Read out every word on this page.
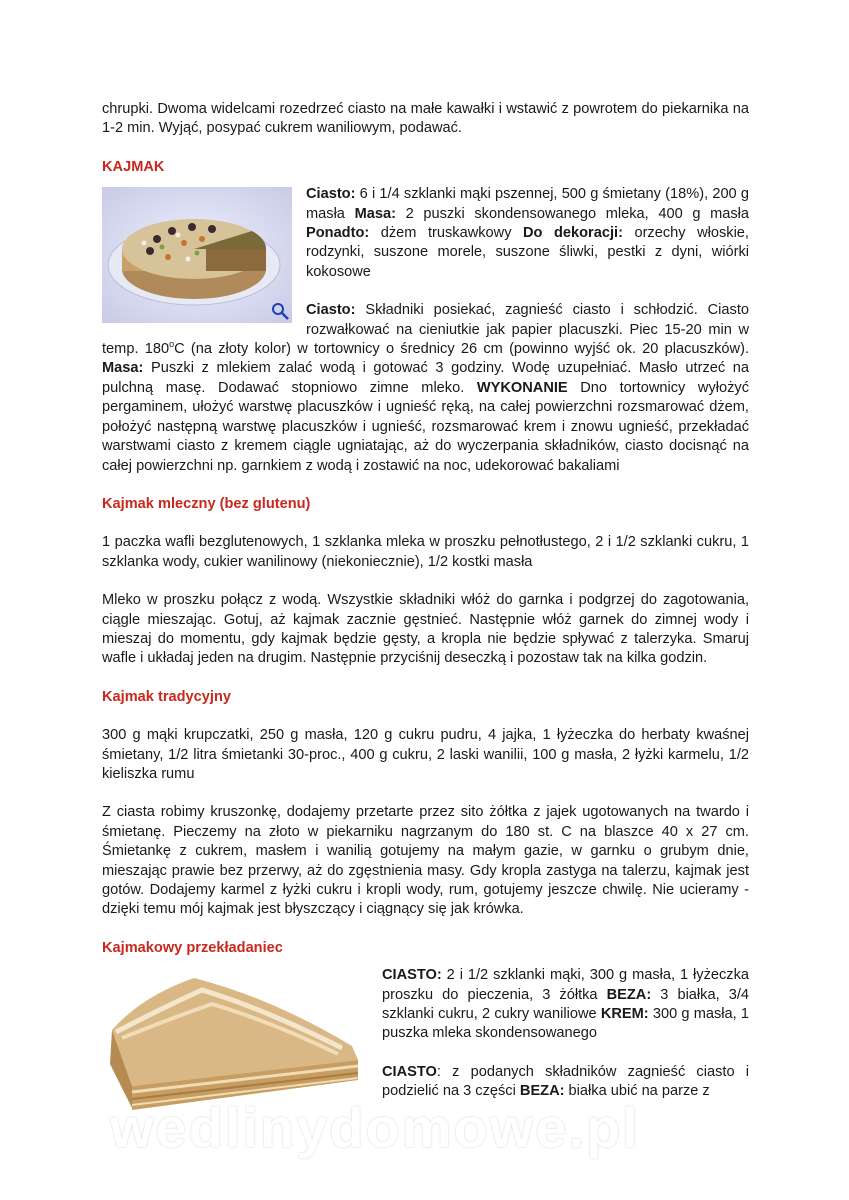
chrupki. Dwoma widelcami rozedrzeć ciasto na małe kawałki i wstawić z powrotem do piekarnika na 1-2 min. Wyjąć, posypać cukrem waniliowym, podawać.

KAJMAK

Ciasto: 6 i 1/4 szklanki mąki pszennej, 500 g śmietany (18%), 200 g masła Masa: 2 puszki skondensowanego mleka, 400 g masła Ponadto: dżem truskawkowy Do dekoracji: orzechy włoskie, rodzynki, suszone morele, suszone śliwki, pestki z dyni, wiórki kokosowe

Ciasto: Składniki posiekać, zagnieść ciasto i schłodzić. Ciasto rozwałkować na cieniutkie jak papier placuszki. Piec 15-20 min w temp. 180$^o$C (na złoty kolor) w tortownicy o średnicy 26 cm (powinno wyjść ok. 20 placuszków). Masa: Puszki z mlekiem zalać wodą i gotować 3 godziny. Wodę uzupełniać. Masło utrzeć na pulchną masę. Dodawać stopniowo zimne mleko. WYKONANIE Dno tortownicy wyłożyć pergaminem, ułożyć warstwę placuszków i ugnieść ręką, na całej powierzchni rozsmarować dżem, położyć następną warstwę placuszków i ugnieść, rozsmarować krem i znowu ugnieść, przekładać warstwami ciasto z kremem ciągle ugniatając, aż do wyczerpania składników, ciasto docisnąć na całej powierzchni np. garnkiem z wodą i zostawić na noc, udekorować bakaliami

Kajmak mleczny (bez glutenu)

1 paczka wafli bezglutenowych, 1 szklanka mleka w proszku pełnotłustego, 2 i 1/2 szklanki cukru, 1 szklanka wody, cukier wanilinowy (niekoniecznie), 1/2 kostki masła

Mleko w proszku połącz z wodą. Wszystkie składniki włóż do garnka i podgrzej do zagotowania, ciągle mieszając. Gotuj, aż kajmak zacznie gęstnieć. Następnie włóż garnek do zimnej wody i mieszaj do momentu, gdy kajmak będzie gęsty, a kropla nie będzie spływać z talerzyka. Smaruj wafle i układaj jeden na drugim. Następnie przyciśnij deseczką i pozostaw tak na kilka godzin.

Kajmak tradycyjny

300 g mąki krupczatki, 250 g masła, 120 g cukru pudru, 4 jajka, 1 łyżeczka do herbaty kwaśnej śmietany, 1/2 litra śmietanki 30-proc., 400 g cukru, 2 laski wanilii, 100 g masła, 2 łyżki karmelu, 1/2 kieliszka rumu

Z ciasta robimy kruszonkę, dodajemy przetarte przez sito żółtka z jajek ugotowanych na twardo i śmietanę. Pieczemy na złoto w piekarniku nagrzanym do 180 st. C na blaszce 40 x 27 cm. Śmietankę z cukrem, masłem i wanilią gotujemy na małym gazie, w garnku o grubym dnie, mieszając prawie bez przerwy, aż do zgęstnienia masy. Gdy kropla zastyga na talerzu, kajmak jest gotów. Dodajemy karmel z łyżki cukru i kropli wody, rum, gotujemy jeszcze chwilę. Nie ucieramy - dzięki temu mój kajmak jest błyszczący i ciągnący się jak krówka.

Kajmakowy przekładaniec

CIASTO: 2 i 1/2 szklanki mąki, 300 g masła, 1 łyżeczka proszku do pieczenia, 3 żółtka BEZA: 3 białka, 3/4 szklanki cukru, 2 cukry waniliowe KREM: 300 g masła, 1 puszka mleka skondensowanego

CIASTO: z podanych składników zagnieść ciasto i podzielić na 3 części BEZA: białka ubić na parze z

wedlinydomowe.pl
